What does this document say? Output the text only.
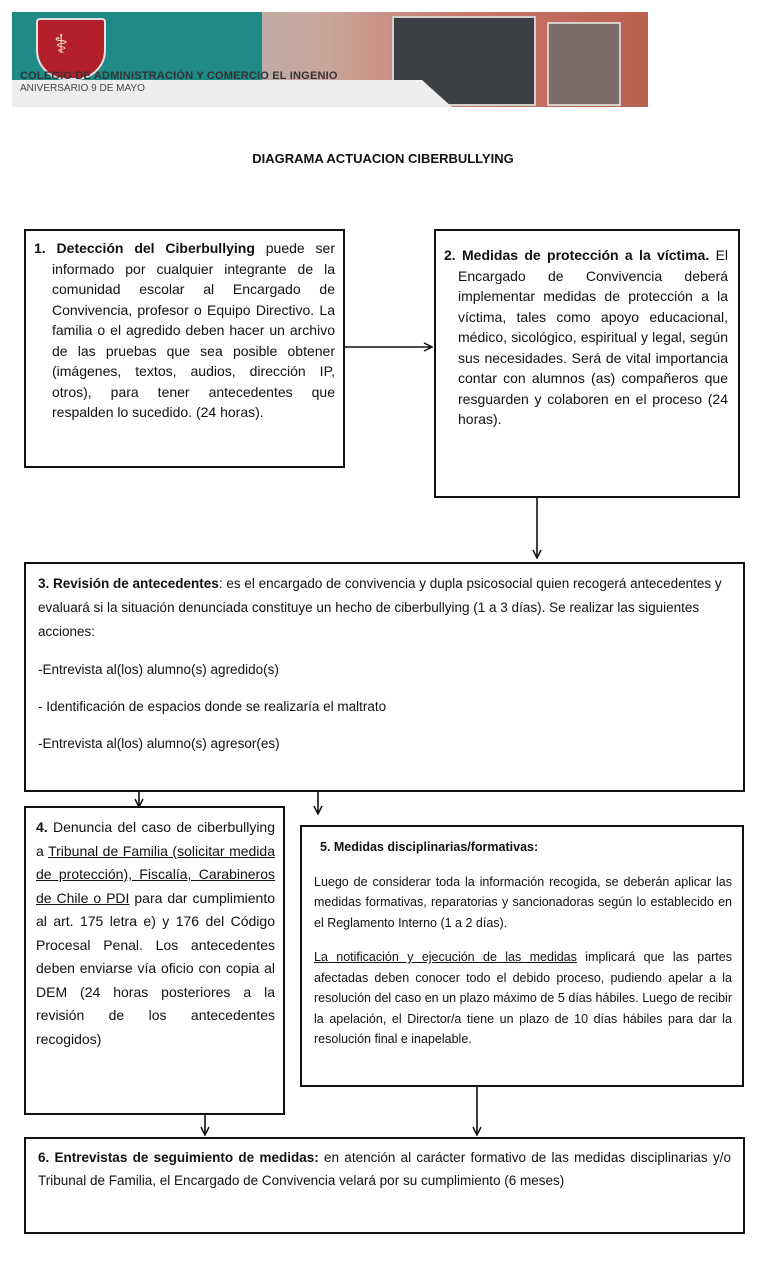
⚕
COLEGIO DE ADMINISTRACIÓN Y COMERCIO EL INGENIO
ANIVERSARIO 9 DE MAYO
DIAGRAMA ACTUACION CIBERBULLYING

1. Detección del Ciberbullying puede ser informado por cualquier integrante de la comunidad escolar al Encargado de Convivencia, profesor o Equipo Directivo. La familia o el agredido deben hacer un archivo de las pruebas que sea posible obtener (imágenes, textos, audios, dirección IP, otros), para tener antecedentes que respalden lo sucedido. (24 horas).

2. Medidas de protección a la víctima. El Encargado de Convivencia deberá implementar medidas de protección a la víctima, tales como apoyo educacional, médico, sicológico, espiritual y legal, según sus necesidades. Será de vital importancia contar con alumnos (as) compañeros que resguarden y colaboren en el proceso (24 horas).

3. Revisión de antecedentes: es el encargado de convivencia y dupla psicosocial quien recogerá antecedentes y evaluará si la situación denunciada constituye un hecho de ciberbullying (1 a 3 días). Se realizar las siguientes acciones:

-Entrevista al(los) alumno(s) agredido(s)

- Identificación de espacios donde se realizaría el maltrato

-Entrevista al(los) alumno(s) agresor(es)

4. Denuncia del caso de ciberbullying a Tribunal de Familia (solicitar medida de protección), Fiscalía, Carabineros de Chile o PDI para dar cumplimiento al art. 175 letra e) y 176 del Código Procesal Penal. Los antecedentes deben enviarse vía oficio con copia al DEM (24 horas posteriores a la revisión de los antecedentes recogidos)

5. Medidas disciplinarias/formativas:

Luego de considerar toda la información recogida, se deberán aplicar las medidas formativas, reparatorias y sancionadoras según lo establecido en el Reglamento Interno (1 a 2 días).

La notificación y ejecución de las medidas implicará que las partes afectadas deben conocer todo el debido proceso, pudiendo apelar a la resolución del caso en un plazo máximo de 5 días hábiles. Luego de recibir la apelación, el Director/a tiene un plazo de 10 días hábiles para dar la resolución final e inapelable.

6. Entrevistas de seguimiento de medidas: en atención al carácter formativo de las medidas disciplinarias y/o Tribunal de Familia, el Encargado de Convivencia velará por su cumplimiento (6 meses)
